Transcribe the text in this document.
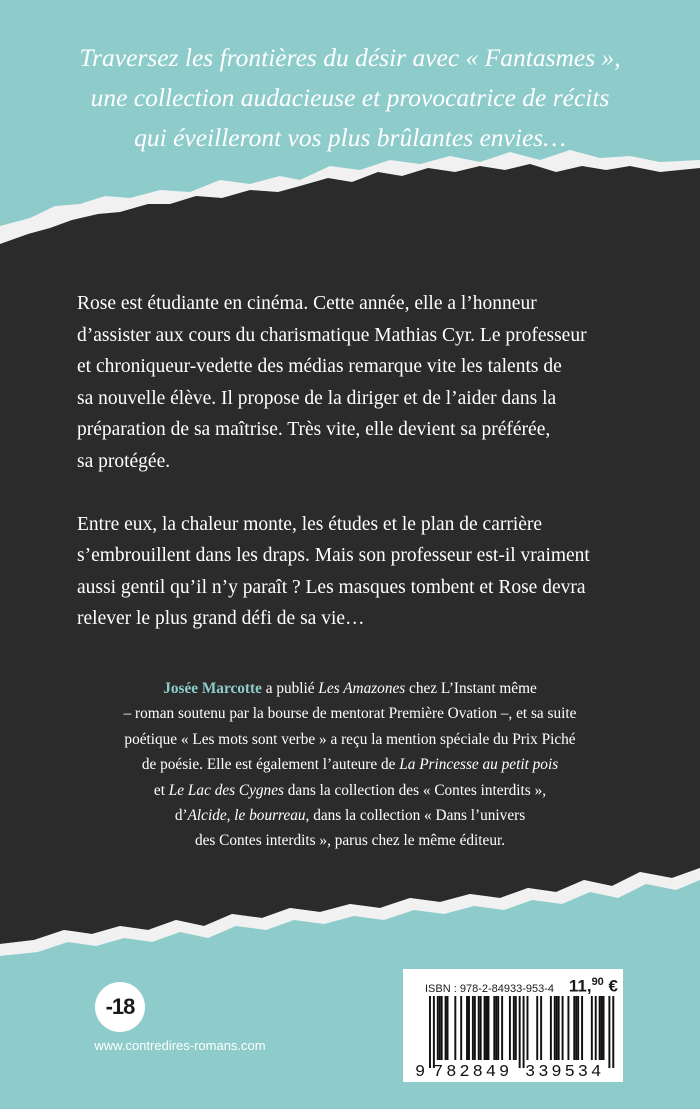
Traversez les frontières du désir avec « Fantasmes »,
une collection audacieuse et provocatrice de récits
qui éveilleront vos plus brûlantes envies…

Rose est étudiante en cinéma. Cette année, elle a l’honneur
d’assister aux cours du charismatique Mathias Cyr. Le professeur
et chroniqueur-vedette des médias remarque vite les talents de
sa nouvelle élève. Il propose de la diriger et de l’aider dans la
préparation de sa maîtrise. Très vite, elle devient sa préférée,
sa protégée.
Entre eux, la chaleur monte, les études et le plan de carrière
s’embrouillent dans les draps. Mais son professeur est-il vraiment
aussi gentil qu’il n’y paraît ? Les masques tombent et Rose devra
relever le plus grand défi de sa vie…
Josée Marcotte a publié Les Amazones chez L’Instant même
– roman soutenu par la bourse de mentorat Première Ovation –, et sa suite
poétique « Les mots sont verbe » a reçu la mention spéciale du Prix Piché
de poésie. Elle est également l’auteure de La Princesse au petit pois
et Le Lac des Cygnes dans la collection des « Contes interdits »,
d’Alcide, le bourreau, dans la collection « Dans l’univers
des Contes interdits », parus chez le même éditeur.
-18
www.contredires-romans.com
ISBN : 978-2-84933-953-4 11,90 €
9 782849 339534
